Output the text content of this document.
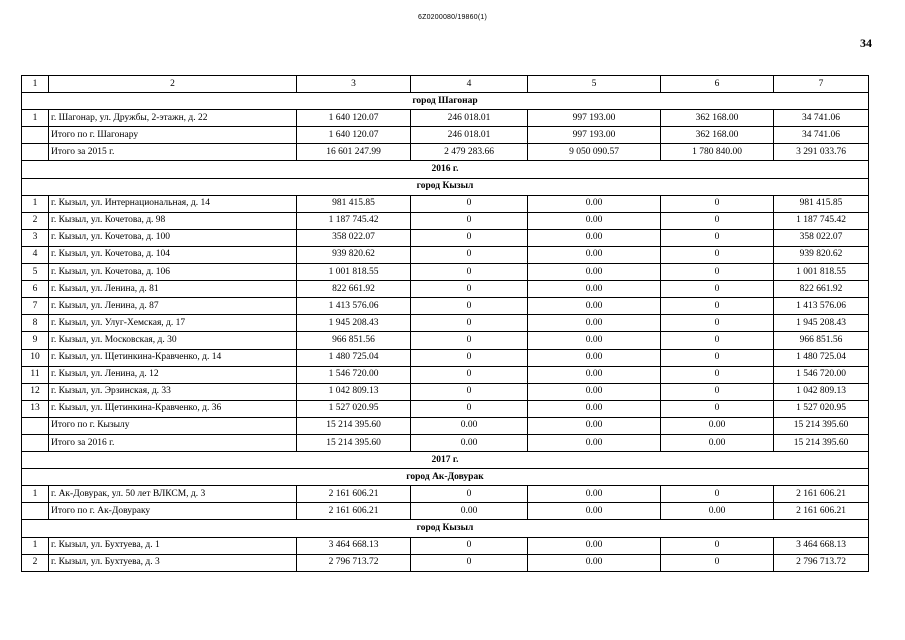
6Z0200080/19860(1)
34
1	2	3	4	5	6	7
город Шагонар						
1	г. Шагонар, ул. Дружбы, 2-этажн, д. 22	1 640 120.07	246 018.01	997 193.00	362 168.00	34 741.06
	Итого по г. Шагонару	1 640 120.07	246 018.01	997 193.00	362 168.00	34 741.06
	Итого за 2015 г.	16 601 247.99	2 479 283.66	9 050 090.57	1 780 840.00	3 291 033.76
2016 г.						
город Кызыл						
1	г. Кызыл, ул. Интернациональная, д. 14	981 415.85	0	0.00	0	981 415.85
2	г. Кызыл, ул. Кочетова, д. 98	1 187 745.42	0	0.00	0	1 187 745.42
3	г. Кызыл, ул. Кочетова, д. 100	358 022.07	0	0.00	0	358 022.07
4	г. Кызыл, ул. Кочетова, д. 104	939 820.62	0	0.00	0	939 820.62
5	г. Кызыл, ул. Кочетова, д. 106	1 001 818.55	0	0.00	0	1 001 818.55
6	г. Кызыл, ул. Ленина, д. 81	822 661.92	0	0.00	0	822 661.92
7	г. Кызыл, ул. Ленина, д. 87	1 413 576.06	0	0.00	0	1 413 576.06
8	г. Кызыл, ул. Улуг-Хемская, д. 17	1 945 208.43	0	0.00	0	1 945 208.43
9	г. Кызыл, ул. Московская, д. 30	966 851.56	0	0.00	0	966 851.56
10	г. Кызыл, ул. Щетинкина-Кравченко, д. 14	1 480 725.04	0	0.00	0	1 480 725.04
11	г. Кызыл, ул. Ленина, д. 12	1 546 720.00	0	0.00	0	1 546 720.00
12	г. Кызыл, ул. Эрзинская, д. 33	1 042 809.13	0	0.00	0	1 042 809.13
13	г. Кызыл, ул. Щетинкина-Кравченко, д. 36	1 527 020.95	0	0.00	0	1 527 020.95
	Итого по г. Кызылу	15 214 395.60	0.00	0.00	0.00	15 214 395.60
	Итого за 2016 г.	15 214 395.60	0.00	0.00	0.00	15 214 395.60
2017 г.						
город Ак-Довурак						
1	г. Ак-Довурак, ул. 50 лет ВЛКСМ, д. 3	2 161 606.21	0	0.00	0	2 161 606.21
	Итого по г. Ак-Довураку	2 161 606.21	0.00	0.00	0.00	2 161 606.21
город Кызыл						
1	г. Кызыл, ул. Бухтуева, д. 1	3 464 668.13	0	0.00	0	3 464 668.13
2	г. Кызыл, ул. Бухтуева, д. 3	2 796 713.72	0	0.00	0	2 796 713.72
